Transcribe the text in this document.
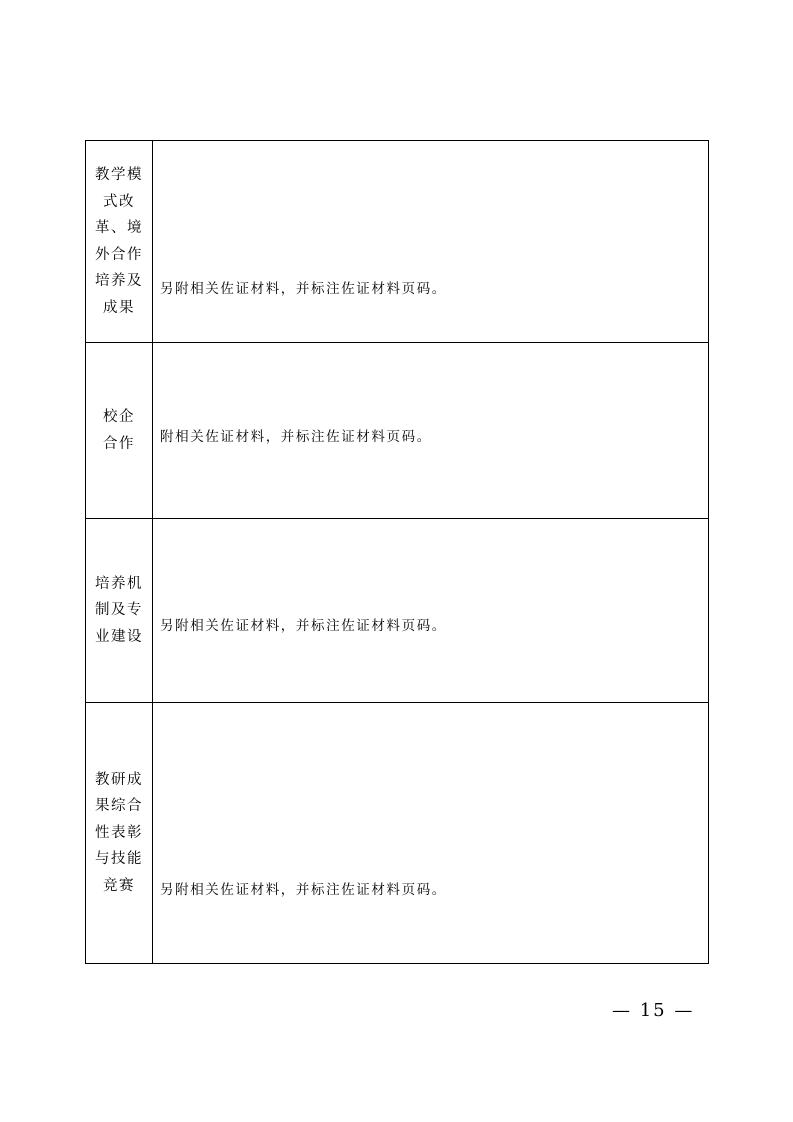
教学模式改革、境外合作培养及成果	另附相关佐证材料，并标注佐证材料页码。

校企合作	附相关佐证材料，并标注佐证材料页码。

培养机制及专业建设	另附相关佐证材料，并标注佐证材料页码。

教研成果综合性表彰与技能竞赛	另附相关佐证材料，并标注佐证材料页码。
— 15 —
